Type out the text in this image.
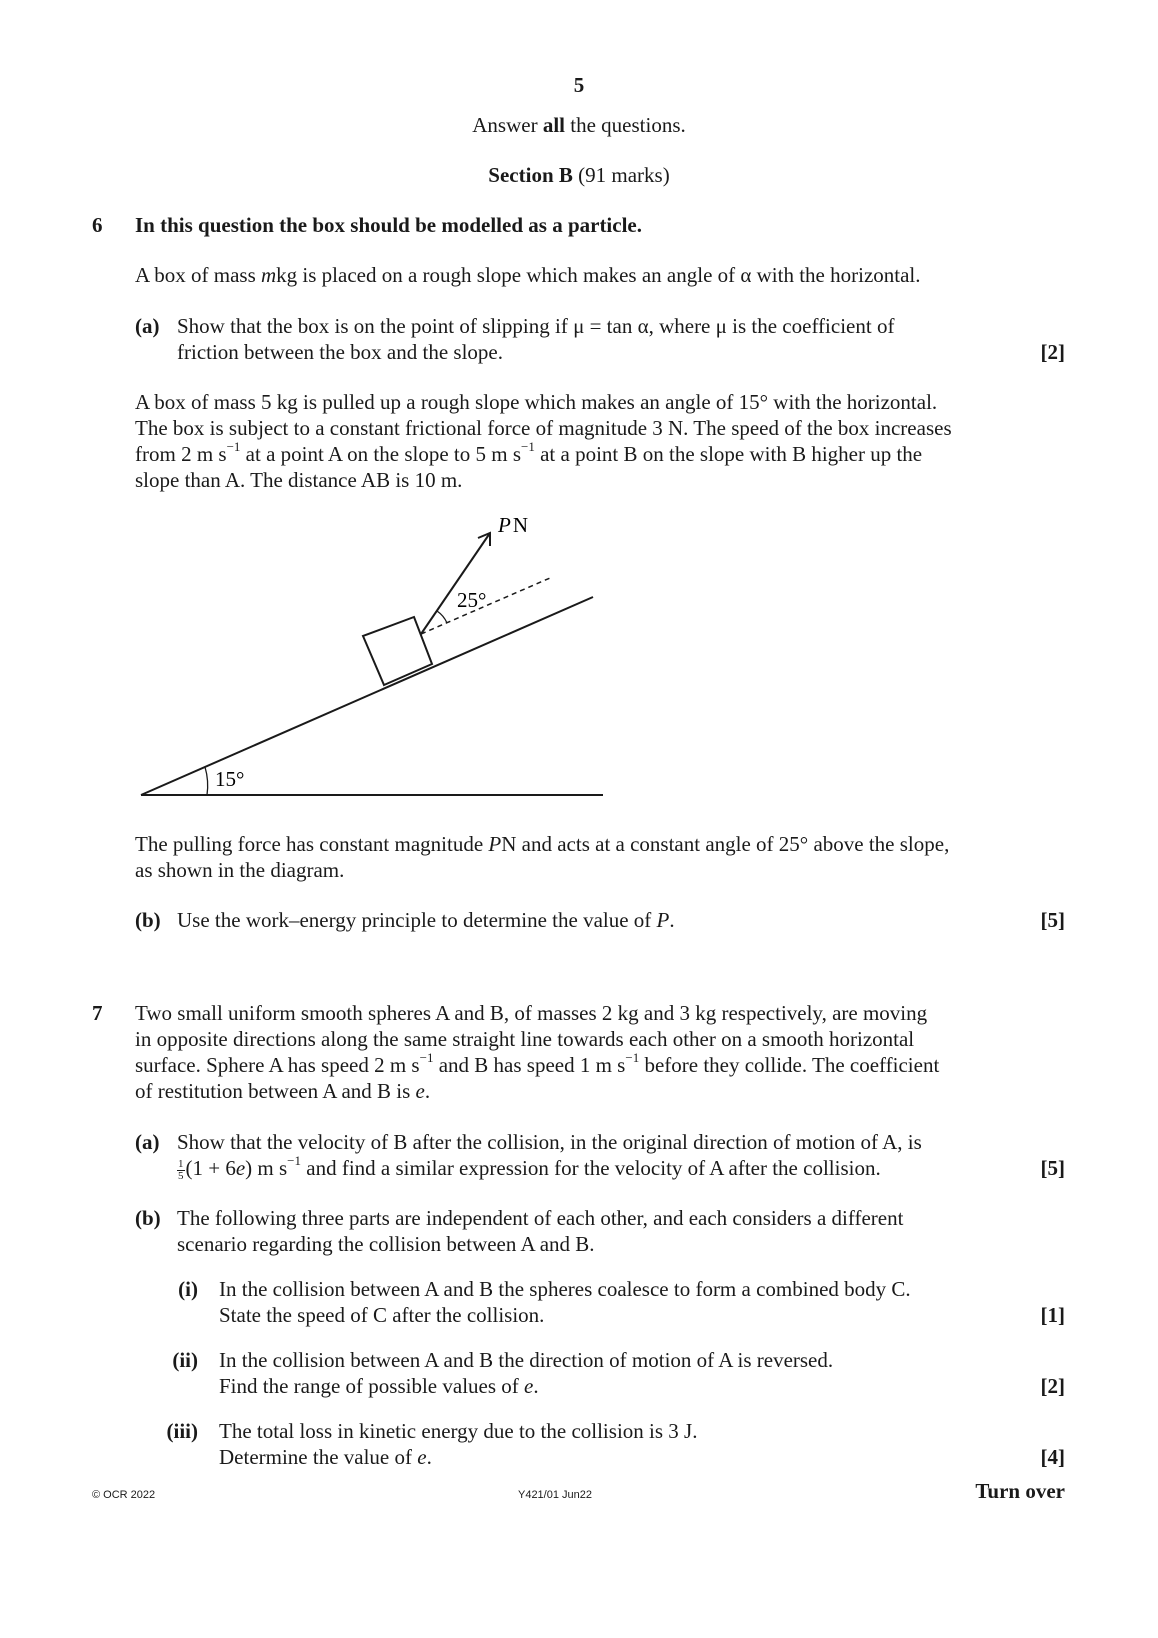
5
Answer all the questions.
Section B (91 marks)
6 In this question the box should be modelled as a particle.
A box of mass mkg is placed on a rough slope which makes an angle of α with the horizontal.
(a) Show that the box is on the point of slipping if μ = tan α, where μ is the coefficient of
friction between the box and the slope.	[2]
A box of mass 5 kg is pulled up a rough slope which makes an angle of 15° with the horizontal.
The box is subject to a constant frictional force of magnitude 3 N. The speed of the box increases
from 2 m $s^{-1}$ at a point A on the slope to 5 m $s^{-1}$ at a point B on the slope with B higher up the
slope than A. The distance AB is 10 m.
PN
25°
15°
The pulling force has constant magnitude PN and acts at a constant angle of 25° above the slope,
as shown in the diagram.
(b) Use the work–energy principle to determine the value of P.	[5]
7 Two small uniform smooth spheres A and B, of masses 2 kg and 3 kg respectively, are moving
in opposite directions along the same straight line towards each other on a smooth horizontal
surface. Sphere A has speed 2 m $s^{-1}$ and B has speed 1 m $s^{-1}$ before they collide. The coefficient
of restitution between A and B is e.
(a) Show that the velocity of B after the collision, in the original direction of motion of A, is
$\frac{1}{5} (1 + 6e)$ m $s^{-1}$ and find a similar expression for the velocity of A after the collision.	[5]
(b) The following three parts are independent of each other, and each considers a different
scenario regarding the collision between A and B.
(i) In the collision between A and B the spheres coalesce to form a combined body C.
State the speed of C after the collision.	[1]
(ii) In the collision between A and B the direction of motion of A is reversed.
Find the range of possible values of e.	[2]
(iii) The total loss in kinetic energy due to the collision is 3 J.
Determine the value of e.	[4]
© OCR 2022	Y421/01 Jun22	Turn over
